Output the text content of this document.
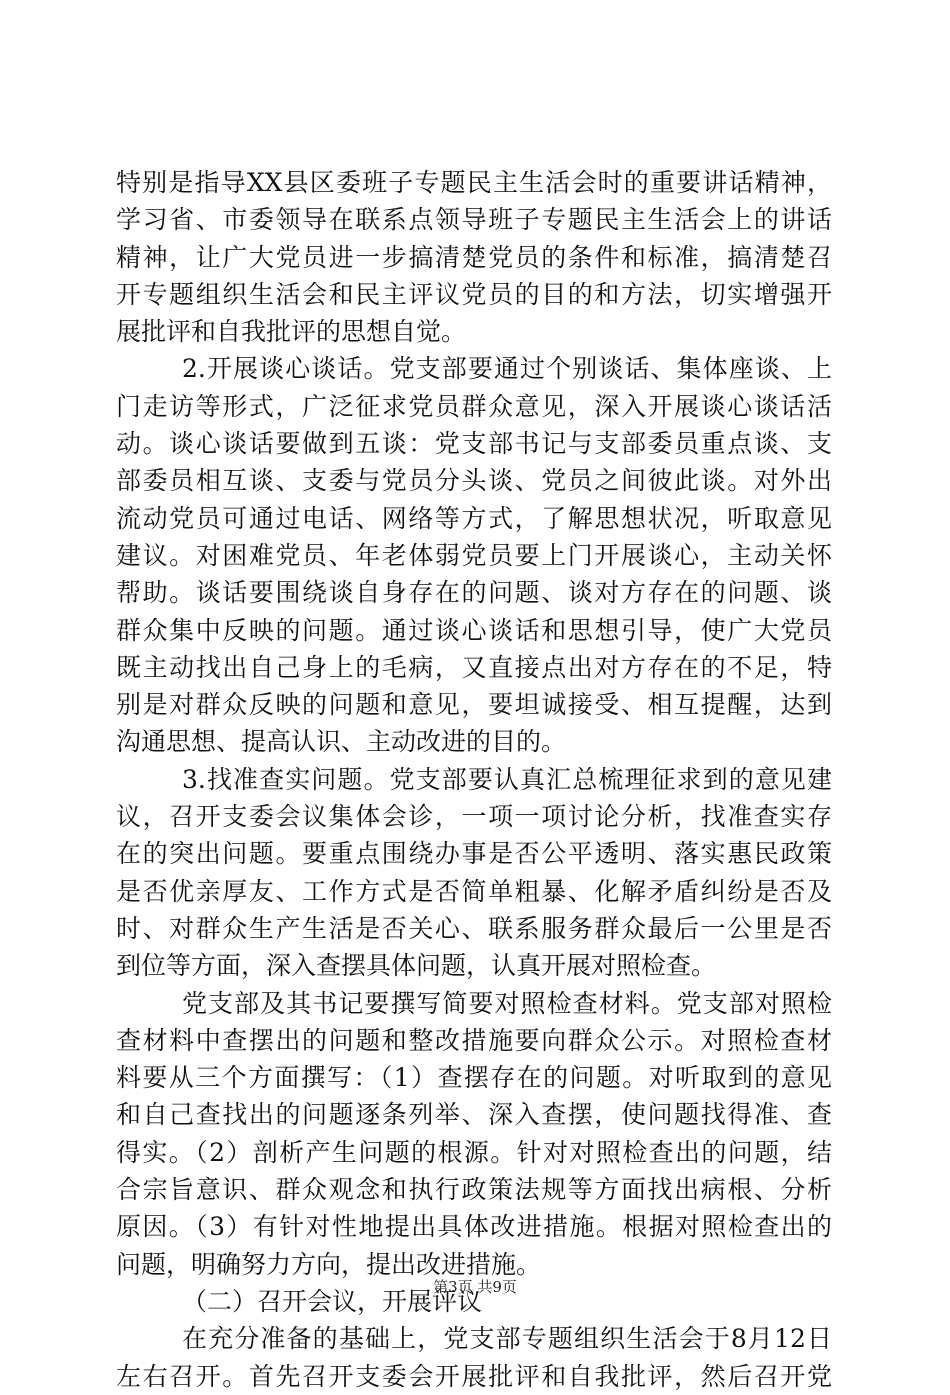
特别是指导XX县区委班子专题民主生活会时的重要讲话精神，
学习省、市委领导在联系点领导班子专题民主生活会上的讲话
精神，让广大党员进一步搞清楚党员的条件和标准，搞清楚召
开专题组织生活会和民主评议党员的目的和方法，切实增强开
展批评和自我批评的思想自觉。
2.开展谈心谈话。党支部要通过个别谈话、集体座谈、上
门走访等形式，广泛征求党员群众意见，深入开展谈心谈话活
动。谈心谈话要做到五谈：党支部书记与支部委员重点谈、支
部委员相互谈、支委与党员分头谈、党员之间彼此谈。对外出
流动党员可通过电话、网络等方式，了解思想状况，听取意见
建议。对困难党员、年老体弱党员要上门开展谈心，主动关怀
帮助。谈话要围绕谈自身存在的问题、谈对方存在的问题、谈
群众集中反映的问题。通过谈心谈话和思想引导，使广大党员
既主动找出自己身上的毛病，又直接点出对方存在的不足，特
别是对群众反映的问题和意见，要坦诚接受、相互提醒，达到
沟通思想、提高认识、主动改进的目的。
3.找准查实问题。党支部要认真汇总梳理征求到的意见建
议，召开支委会议集体会诊，一项一项讨论分析，找准查实存
在的突出问题。要重点围绕办事是否公平透明、落实惠民政策
是否优亲厚友、工作方式是否简单粗暴、化解矛盾纠纷是否及
时、对群众生产生活是否关心、联系服务群众最后一公里是否
到位等方面，深入查摆具体问题，认真开展对照检查。
党支部及其书记要撰写简要对照检查材料。党支部对照检
查材料中查摆出的问题和整改措施要向群众公示。对照检查材
料要从三个方面撰写：（1）查摆存在的问题。对听取到的意见
和自己查找出的问题逐条列举、深入查摆，使问题找得准、查
得实。（2）剖析产生问题的根源。针对对照检查出的问题，结
合宗旨意识、群众观念和执行政策法规等方面找出病根、分析
原因。（3）有针对性地提出具体改进措施。根据对照检查出的
问题，明确努力方向，提出改进措施。
（二）召开会议，开展评议
在充分准备的基础上，党支部专题组织生活会于8月12日
左右召开。首先召开支委会开展批评和自我批评，然后召开党
第3页 共9页
